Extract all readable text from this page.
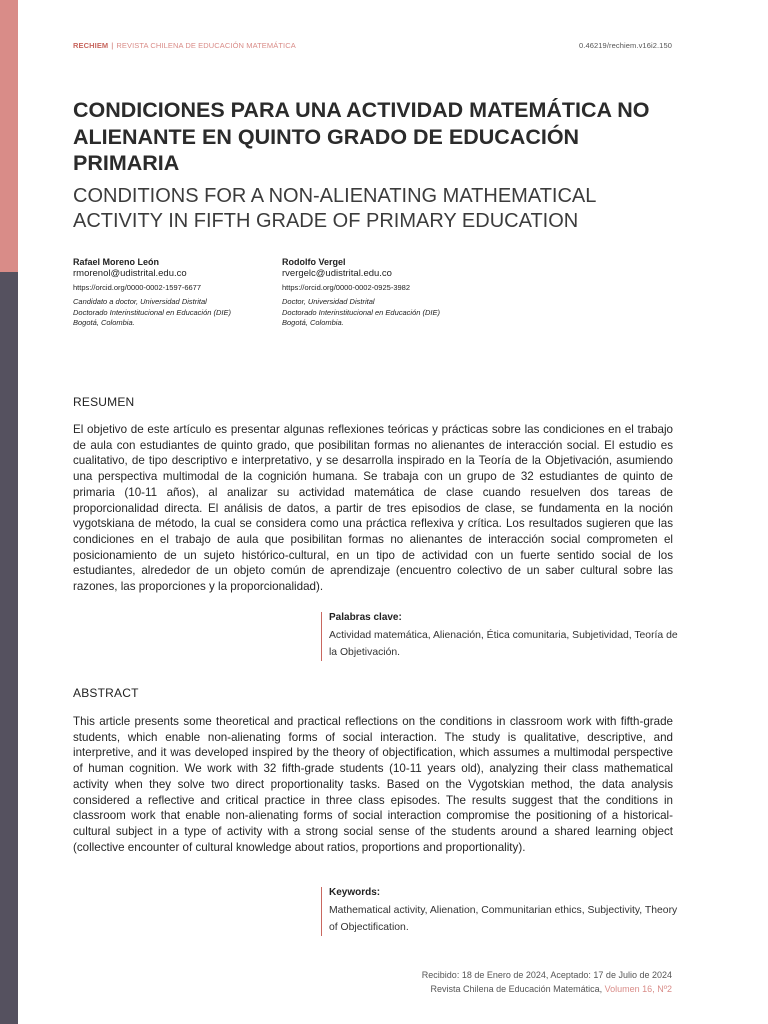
RECHIEM | REVISTA CHILENA DE EDUCACIÓN MATEMÁTICA	0.46219/rechiem.v16i2.150
CONDICIONES PARA UNA ACTIVIDAD MATEMÁTICA NO ALIENANTE EN QUINTO GRADO DE EDUCACIÓN PRIMARIA
CONDITIONS FOR A NON-ALIENATING MATHEMATICAL ACTIVITY IN FIFTH GRADE OF PRIMARY EDUCATION
Rafael Moreno León
rmorenol@udistrital.edu.co
https://orcid.org/0000-0002-1597-6677
Candidato a doctor, Universidad Distrital
Doctorado Interinstitucional en Educación (DIE)
Bogotá, Colombia.
Rodolfo Vergel
rvergelc@udistrital.edu.co
https://orcid.org/0000-0002-0925-3982
Doctor, Universidad Distrital
Doctorado Interinstitucional en Educación (DIE)
Bogotá, Colombia.
RESUMEN

El objetivo de este artículo es presentar algunas reflexiones teóricas y prácticas sobre las condiciones en el trabajo de aula con estudiantes de quinto grado, que posibilitan formas no alienantes de interacción social. El estudio es cualitativo, de tipo descriptivo e interpretativo, y se desarrolla inspirado en la Teoría de la Objetivación, asumiendo una perspectiva multimodal de la cognición humana. Se trabaja con un grupo de 32 estudiantes de quinto de primaria (10-11 años), al analizar su actividad matemática de clase cuando resuelven dos tareas de proporcionalidad directa. El análisis de datos, a partir de tres episodios de clase, se fundamenta en la noción vygotskiana de método, la cual se considera como una práctica reflexiva y crítica. Los resultados sugieren que las condiciones en el trabajo de aula que posibilitan formas no alienantes de interacción social comprometen el posicionamiento de un sujeto histórico-cultural, en un tipo de actividad con un fuerte sentido social de los estudiantes, alrededor de un objeto común de aprendizaje (encuentro colectivo de un saber cultural sobre las razones, las proporciones y la proporcionalidad).

Palabras clave:
Actividad matemática, Alienación, Ética comunitaria, Subjetividad, Teoría de la Objetivación.
ABSTRACT

This article presents some theoretical and practical reflections on the conditions in classroom work with fifth-grade students, which enable non-alienating forms of social interaction. The study is qualitative, descriptive, and interpretive, and it was developed inspired by the theory of objectification, which assumes a multimodal perspective of human cognition. We work with 32 fifth-grade students (10-11 years old), analyzing their class mathematical activity when they solve two direct proportionality tasks. Based on the Vygotskian method, the data analysis considered a reflective and critical practice in three class episodes. The results suggest that the conditions in classroom work that enable non-alienating forms of social interaction compromise the positioning of a historical-cultural subject in a type of activity with a strong social sense of the students around a shared learning object (collective encounter of cultural knowledge about ratios, proportions and proportionality).

Keywords:
Mathematical activity, Alienation, Communitarian ethics, Subjectivity, Theory of Objectification.
Recibido: 18 de Enero de 2024, Aceptado: 17 de Julio de 2024
Revista Chilena de Educación Matemática, Volumen 16, Nº2
